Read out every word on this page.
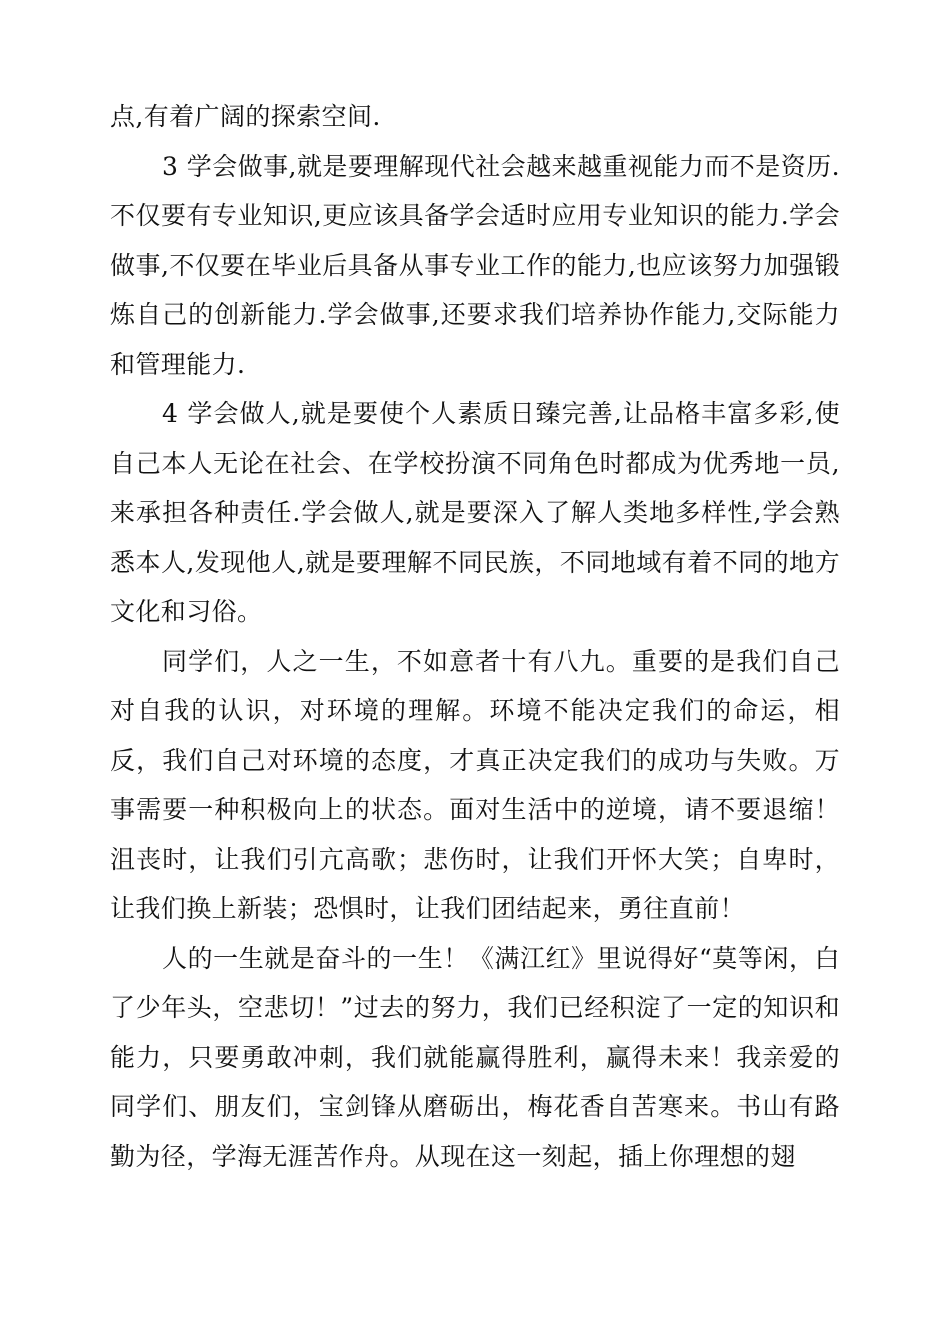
点,有着广阔的探索空间.

3 学会做事,就是要理解现代社会越来越重视能力而不是资历.不仅要有专业知识,更应该具备学会适时应用专业知识的能力.学会做事,不仅要在毕业后具备从事专业工作的能力,也应该努力加强锻炼自己的创新能力.学会做事,还要求我们培养协作能力,交际能力和管理能力.

4 学会做人,就是要使个人素质日臻完善,让品格丰富多彩,使自己本人无论在社会、在学校扮演不同角色时都成为优秀地一员,来承担各种责任.学会做人,就是要深入了解人类地多样性,学会熟悉本人,发现他人,就是要理解不同民族，不同地域有着不同的地方文化和习俗。

同学们，人之一生，不如意者十有八九。重要的是我们自己对自我的认识，对环境的理解。环境不能决定我们的命运，相反，我们自己对环境的态度，才真正决定我们的成功与失败。万事需要一种积极向上的状态。面对生活中的逆境，请不要退缩！沮丧时，让我们引亢高歌；悲伤时，让我们开怀大笑；自卑时，让我们换上新装；恐惧时，让我们团结起来，勇往直前！

人的一生就是奋斗的一生！《满江红》里说得好“莫等闲，白了少年头，空悲切！”过去的努力，我们已经积淀了一定的知识和能力，只要勇敢冲刺，我们就能赢得胜利，赢得未来！我亲爱的同学们、朋友们，宝剑锋从磨砺出，梅花香自苦寒来。书山有路勤为径，学海无涯苦作舟。从现在这一刻起，插上你理想的翅
